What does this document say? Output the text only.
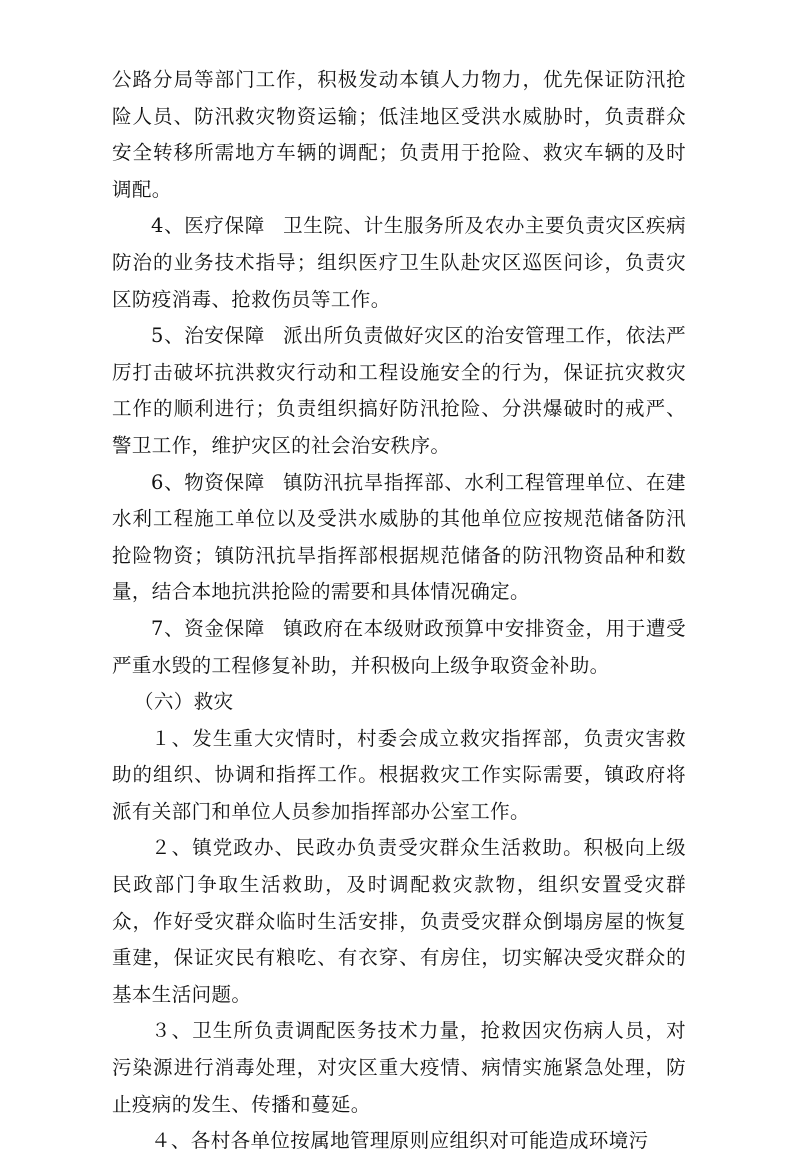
公路分局等部门工作，积极发动本镇人力物力，优先保证防汛抢险人员、防汛救灾物资运输；低洼地区受洪水威胁时，负责群众安全转移所需地方车辆的调配；负责用于抢险、救灾车辆的及时调配。

4、医疗保障 卫生院、计生服务所及农办主要负责灾区疾病防治的业务技术指导；组织医疗卫生队赴灾区巡医问诊，负责灾区防疫消毒、抢救伤员等工作。

5、治安保障 派出所负责做好灾区的治安管理工作，依法严厉打击破坏抗洪救灾行动和工程设施安全的行为，保证抗灾救灾工作的顺利进行；负责组织搞好防汛抢险、分洪爆破时的戒严、警卫工作，维护灾区的社会治安秩序。

6、物资保障 镇防汛抗旱指挥部、水利工程管理单位、在建水利工程施工单位以及受洪水威胁的其他单位应按规范储备防汛抢险物资；镇防汛抗旱指挥部根据规范储备的防汛物资品种和数量，结合本地抗洪抢险的需要和具体情况确定。

7、资金保障 镇政府在本级财政预算中安排资金，用于遭受严重水毁的工程修复补助，并积极向上级争取资金补助。

（六）救灾

１、发生重大灾情时，村委会成立救灾指挥部，负责灾害救助的组织、协调和指挥工作。根据救灾工作实际需要，镇政府将派有关部门和单位人员参加指挥部办公室工作。

２、镇党政办、民政办负责受灾群众生活救助。积极向上级民政部门争取生活救助，及时调配救灾款物，组织安置受灾群众，作好受灾群众临时生活安排，负责受灾群众倒塌房屋的恢复重建，保证灾民有粮吃、有衣穿、有房住，切实解决受灾群众的基本生活问题。

３、卫生所负责调配医务技术力量，抢救因灾伤病人员，对污染源进行消毒处理，对灾区重大疫情、病情实施紧急处理，防止疫病的发生、传播和蔓延。

４、各村各单位按属地管理原则应组织对可能造成环境污
